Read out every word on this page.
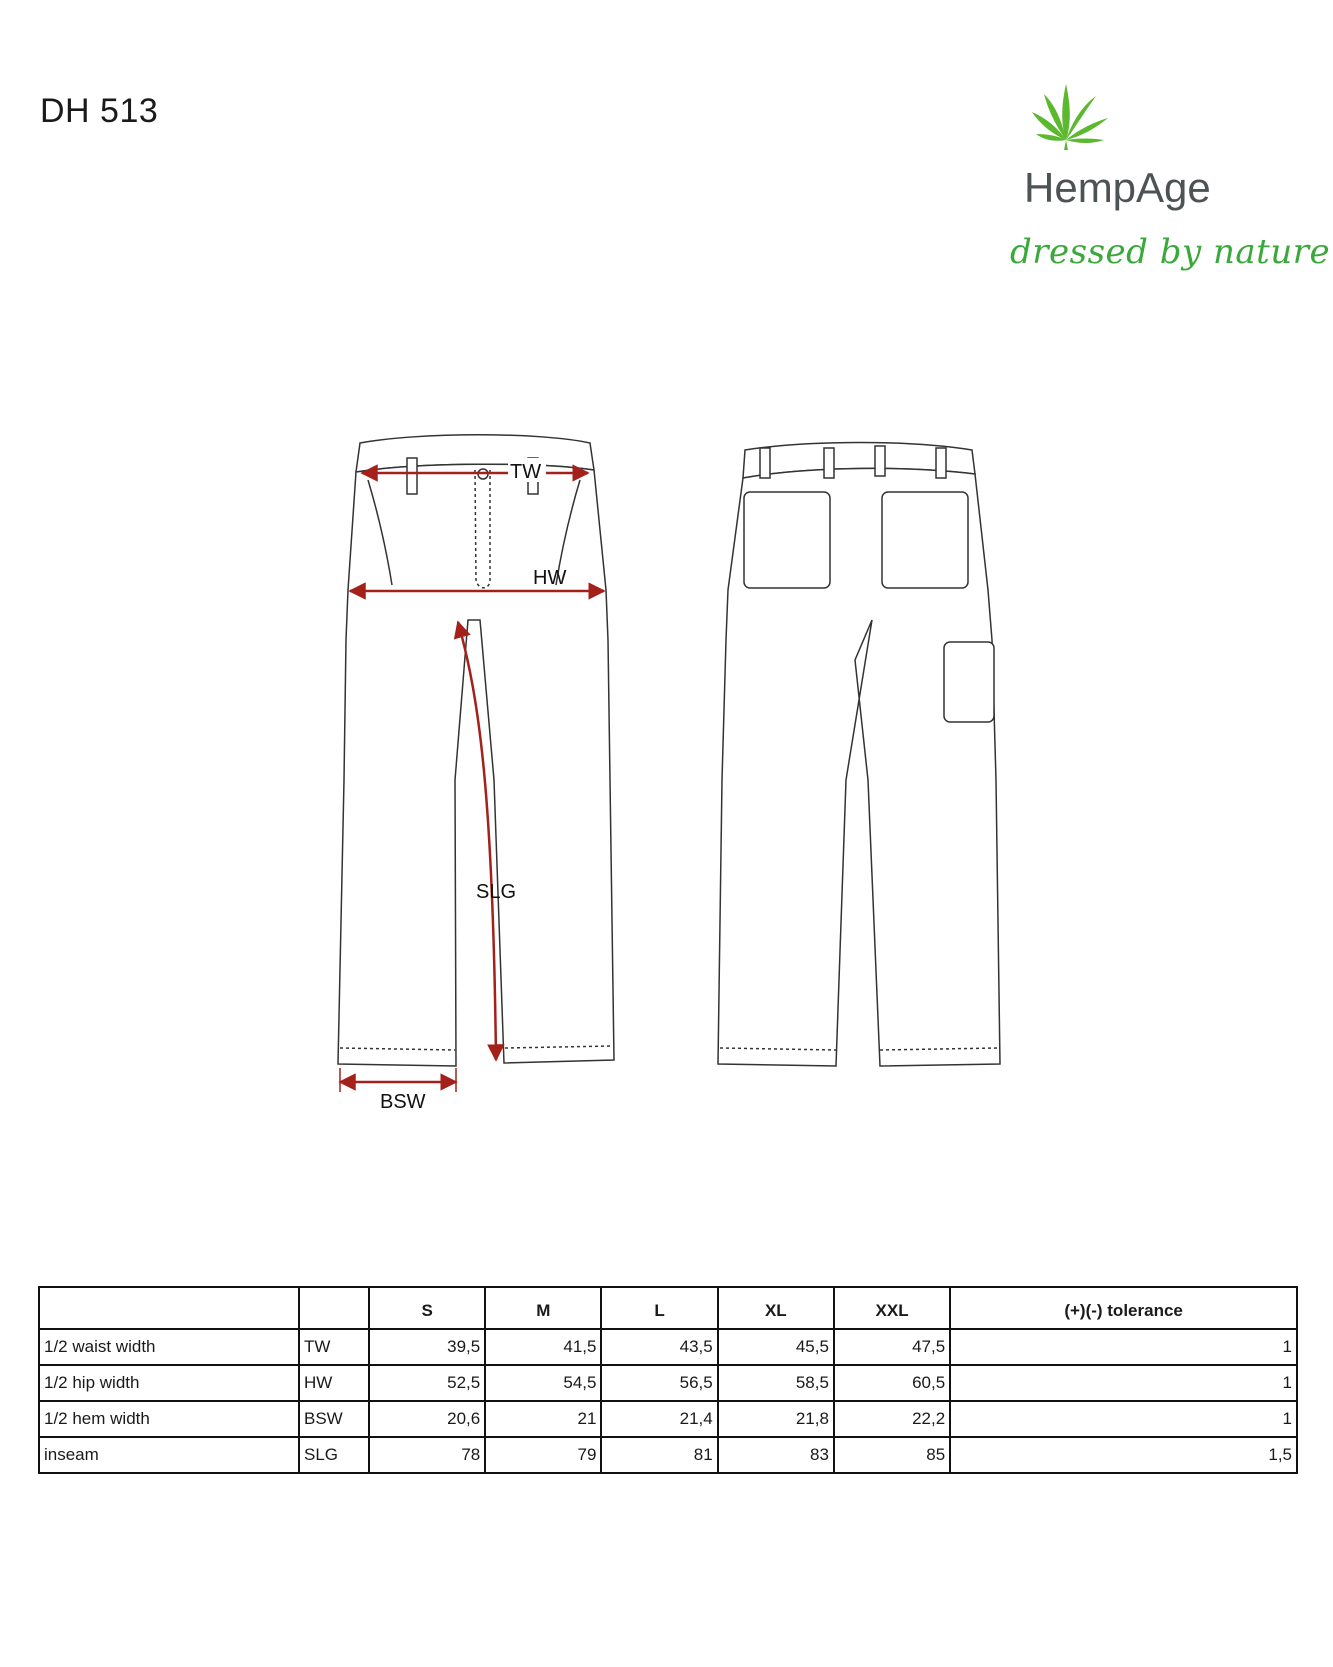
DH 513
HempAge
dressed by nature
TW
HW
SLG
BSW
		S	M	L	XL	XXL	(+)(-) tolerance
1/2 waist width	TW	39,5	41,5	43,5	45,5	47,5	1
1/2 hip width	HW	52,5	54,5	56,5	58,5	60,5	1
1/2 hem width	BSW	20,6	21	21,4	21,8	22,2	1
inseam	SLG	78	79	81	83	85	1,5
